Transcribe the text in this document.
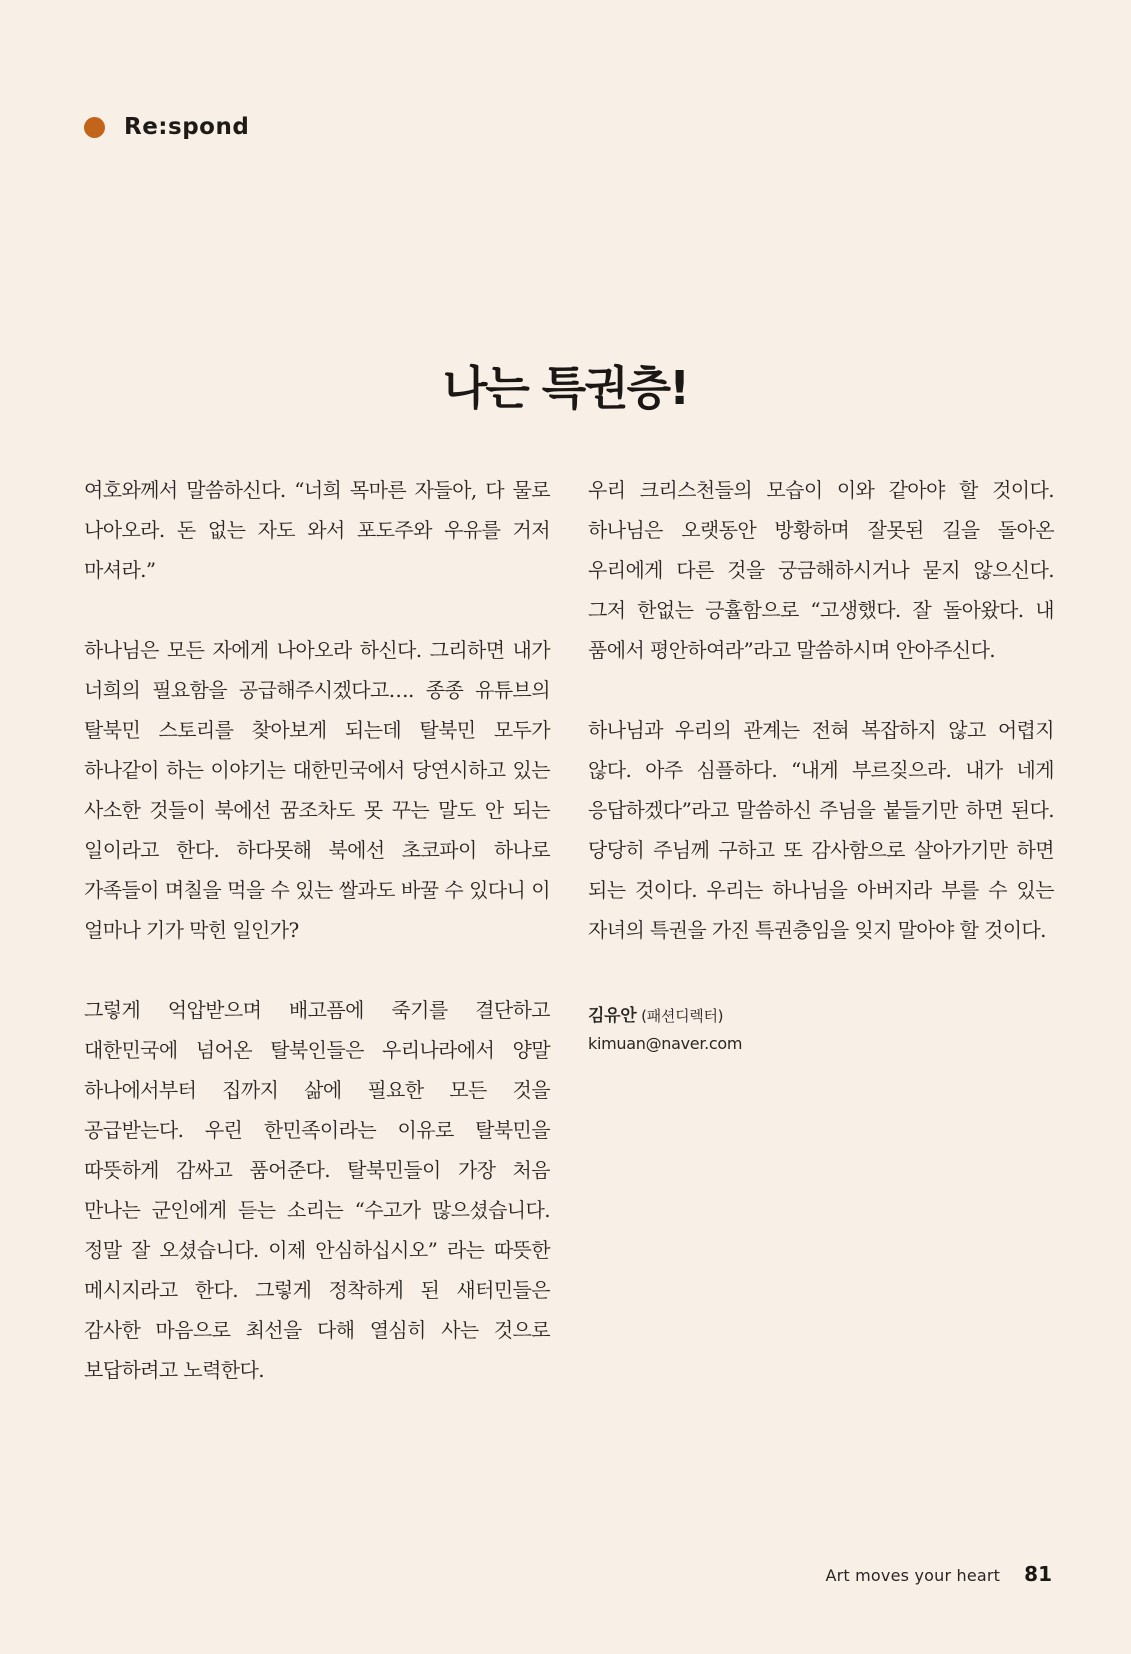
Re:spond
나는 특권층!

여호와께서 말씀하신다. “너희 목마른 자들아, 다 물로 나아오라. 돈 없는 자도 와서 포도주와 우유를 거저 마셔라.”

하나님은 모든 자에게 나아오라 하신다. 그리하면 내가 너희의 필요함을 공급해주시겠다고…. 종종 유튜브의 탈북민 스토리를 찾아보게 되는데 탈북민 모두가 하나같이 하는 이야기는 대한민국에서 당연시하고 있는 사소한 것들이 북에선 꿈조차도 못 꾸는 말도 안 되는 일이라고 한다. 하다못해 북에선 초코파이 하나로 가족들이 며칠을 먹을 수 있는 쌀과도 바꿀 수 있다니 이 얼마나 기가 막힌 일인가?

그렇게 억압받으며 배고픔에 죽기를 결단하고 대한민국에 넘어온 탈북인들은 우리나라에서 양말 하나에서부터 집까지 삶에 필요한 모든 것을 공급받는다. 우린 한민족이라는 이유로 탈북민을 따뜻하게 감싸고 품어준다. 탈북민들이 가장 처음 만나는 군인에게 듣는 소리는 “수고가 많으셨습니다. 정말 잘 오셨습니다. 이제 안심하십시오” 라는 따뜻한 메시지라고 한다. 그렇게 정착하게 된 새터민들은 감사한 마음으로 최선을 다해 열심히 사는 것으로 보답하려고 노력한다.

우리 크리스천들의 모습이 이와 같아야 할 것이다. 하나님은 오랫동안 방황하며 잘못된 길을 돌아온 우리에게 다른 것을 궁금해하시거나 묻지 않으신다. 그저 한없는 긍휼함으로 “고생했다. 잘 돌아왔다. 내 품에서 평안하여라”라고 말씀하시며 안아주신다.

하나님과 우리의 관계는 전혀 복잡하지 않고 어렵지 않다. 아주 심플하다. “내게 부르짖으라. 내가 네게 응답하겠다”라고 말씀하신 주님을 붙들기만 하면 된다. 당당히 주님께 구하고 또 감사함으로 살아가기만 하면 되는 것이다. 우리는 하나님을 아버지라 부를 수 있는 자녀의 특권을 가진 특권층임을 잊지 말아야 할 것이다.

김유안 (패션디렉터)
kimuan@naver.com
Art moves your heart 81
